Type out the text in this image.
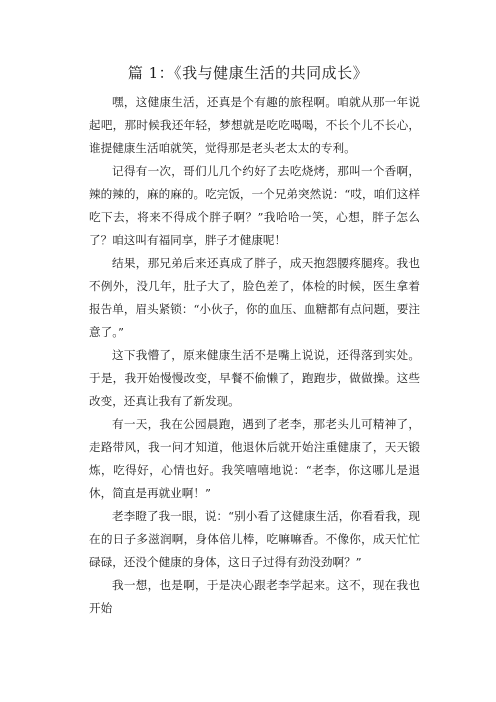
篇 1：《我与健康生活的共同成长》

嘿，这健康生活，还真是个有趣的旅程啊。咱就从那一年说起吧，那时候我还年轻，梦想就是吃吃喝喝，不长个儿不长心，谁提健康生活咱就笑，觉得那是老头老太太的专利。

记得有一次，哥们儿几个约好了去吃烧烤，那叫一个香啊，辣的辣的，麻的麻的。吃完饭，一个兄弟突然说：“哎，咱们这样吃下去，将来不得成个胖子啊？”我哈哈一笑，心想，胖子怎么了？咱这叫有福同享，胖子才健康呢！

结果，那兄弟后来还真成了胖子，成天抱怨腰疼腿疼。我也不例外，没几年，肚子大了，脸色差了，体检的时候，医生拿着报告单，眉头紧锁：“小伙子，你的血压、血糖都有点问题，要注意了。”

这下我懵了，原来健康生活不是嘴上说说，还得落到实处。于是，我开始慢慢改变，早餐不偷懒了，跑跑步，做做操。这些改变，还真让我有了新发现。

有一天，我在公园晨跑，遇到了老李，那老头儿可精神了，走路带风，我一问才知道，他退休后就开始注重健康了，天天锻炼，吃得好，心情也好。我笑嘻嘻地说：“老李，你这哪儿是退休，简直是再就业啊！”

老李瞪了我一眼，说：“别小看了这健康生活，你看看我，现在的日子多滋润啊，身体倍儿棒，吃嘛嘛香。不像你，成天忙忙碌碌，还没个健康的身体，这日子过得有劲没劲啊？”

我一想，也是啊，于是决心跟老李学起来。这不，现在我也开始
